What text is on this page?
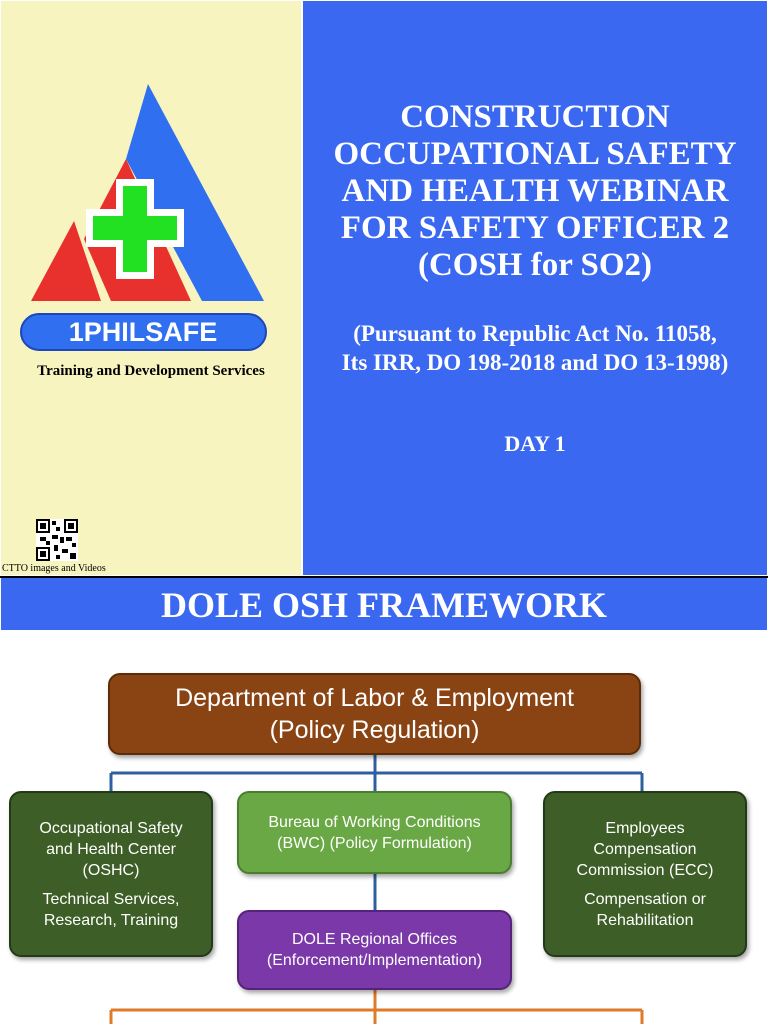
1PHILSAFE
Training and Development Services
CTTO images and Videos
CONSTRUCTION
OCCUPATIONAL SAFETY
AND HEALTH WEBINAR
FOR SAFETY OFFICER 2
(COSH for SO2)
(Pursuant to Republic Act No. 11058,
Its IRR, DO 198-2018 and DO 13-1998)
DAY 1
DOLE OSH FRAMEWORK
Department of Labor & Employment
(Policy Regulation)
Occupational Safety
and Health Center
(OSHC)
Technical Services,
Research, Training
Bureau of Working Conditions
(BWC) (Policy Formulation)
Employees
Compensation
Commission (ECC)
Compensation or
Rehabilitation
DOLE Regional Offices
(Enforcement/Implementation)
